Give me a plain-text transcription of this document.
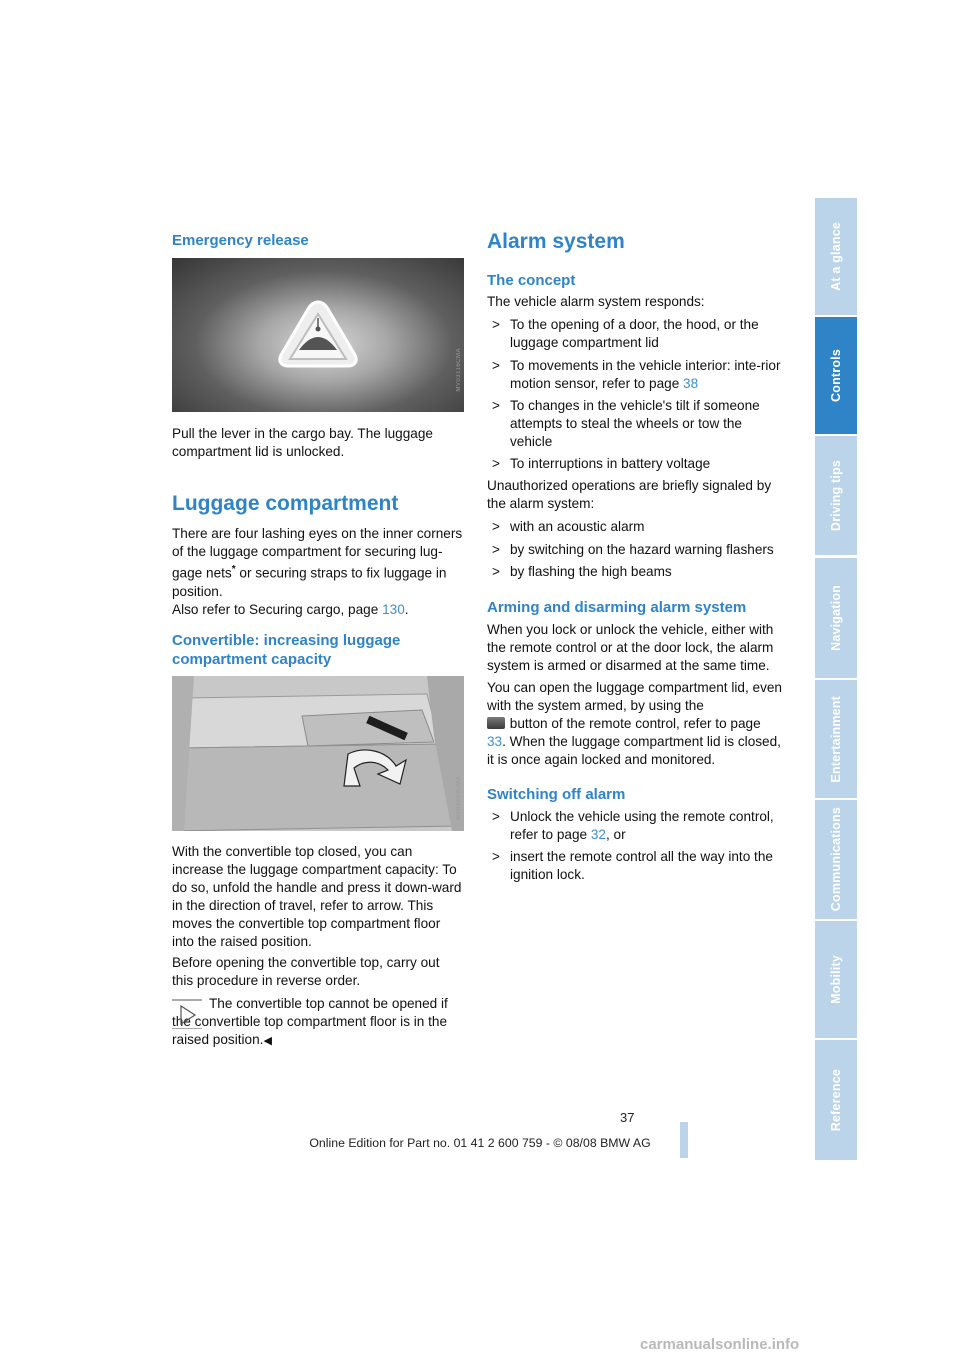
Emergency release

Pull the lever in the cargo bay. The luggage compartment lid is unlocked.

Luggage compartment

There are four lashing eyes on the inner corners of the luggage compartment for securing lug-gage nets* or securing straps to fix luggage in position.
Also refer to Securing cargo, page 130.

Convertible: increasing luggage compartment capacity

With the convertible top closed, you can increase the luggage compartment capacity: To do so, unfold the handle and press it down-ward in the direction of travel, refer to arrow. This moves the convertible top compartment floor into the raised position.

Before opening the convertible top, carry out this procedure in reverse order.

The convertible top cannot be opened if the convertible top compartment floor is in the raised position.◀

MV03116CMA
MV03503CMA
Alarm system
The concept

The vehicle alarm system responds:

> To the opening of a door, the hood, or the luggage compartment lid
> To movements in the vehicle interior: inte-rior motion sensor, refer to page 38
> To changes in the vehicle's tilt if someone attempts to steal the wheels or tow the vehicle
> To interruptions in battery voltage

Unauthorized operations are briefly signaled by the alarm system:

> with an acoustic alarm
> by switching on the hazard warning flashers
> by flashing the high beams
Arming and disarming alarm system

When you lock or unlock the vehicle, either with the remote control or at the door lock, the alarm system is armed or disarmed at the same time.

You can open the luggage compartment lid, even with the system armed, by using the
button of the remote control, refer to page 33. When the luggage compartment lid is closed, it is once again locked and monitored.

Switching off alarm
> Unlock the vehicle using the remote control, refer to page 32, or
> insert the remote control all the way into the ignition lock.
At a glance
Controls
Driving tips
Navigation
Entertainment
Communications
Mobility
Reference
37
Online Edition for Part no. 01 41 2 600 759 - © 08/08 BMW AG
carmanualsonline.info
